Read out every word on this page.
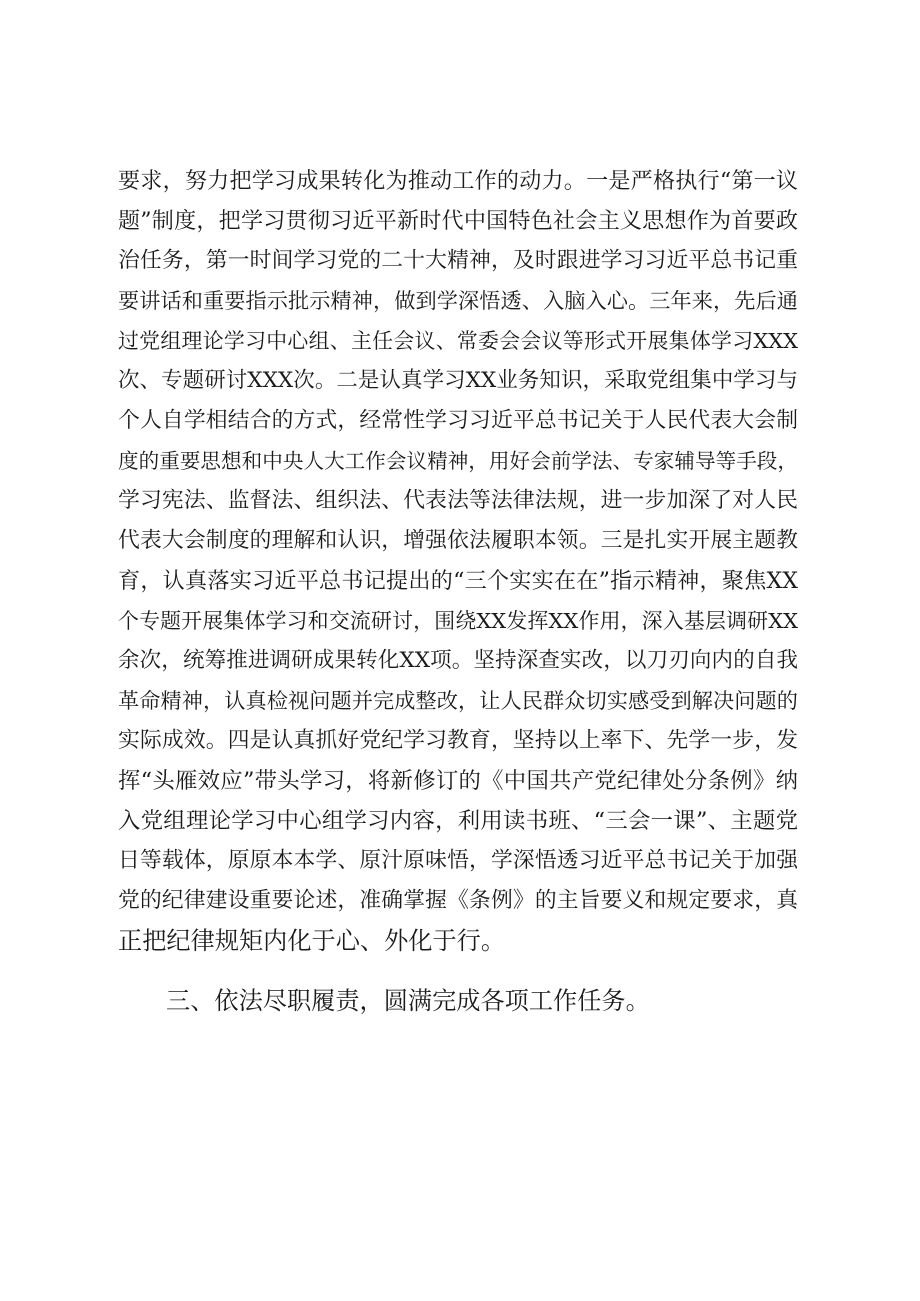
要求，努力把学习成果转化为推动工作的动力。一是严格执行“第一议
题”制度，把学习贯彻习近平新时代中国特色社会主义思想作为首要政
治任务，第一时间学习党的二十大精神，及时跟进学习习近平总书记重
要讲话和重要指示批示精神，做到学深悟透、入脑入心。三年来，先后通
过党组理论学习中心组、主任会议、常委会会议等形式开展集体学习XXX
次、专题研讨XXX次。二是认真学习XX业务知识，采取党组集中学习与
个人自学相结合的方式，经常性学习习近平总书记关于人民代表大会制
度的重要思想和中央人大工作会议精神，用好会前学法、专家辅导等手段，
学习宪法、监督法、组织法、代表法等法律法规，进一步加深了对人民
代表大会制度的理解和认识，增强依法履职本领。三是扎实开展主题教
育，认真落实习近平总书记提出的“三个实实在在”指示精神，聚焦XX
个专题开展集体学习和交流研讨，围绕XX发挥XX作用，深入基层调研XX
余次，统筹推进调研成果转化XX项。坚持深查实改，以刀刃向内的自我
革命精神，认真检视问题并完成整改，让人民群众切实感受到解决问题的
实际成效。四是认真抓好党纪学习教育，坚持以上率下、先学一步，发
挥“头雁效应”带头学习，将新修订的《中国共产党纪律处分条例》纳
入党组理论学习中心组学习内容，利用读书班、“三会一课”、主题党
日等载体，原原本本学、原汁原味悟，学深悟透习近平总书记关于加强
党的纪律建设重要论述，准确掌握《条例》的主旨要义和规定要求，真
正把纪律规矩内化于心、外化于行。
三、依法尽职履责，圆满完成各项工作任务。
